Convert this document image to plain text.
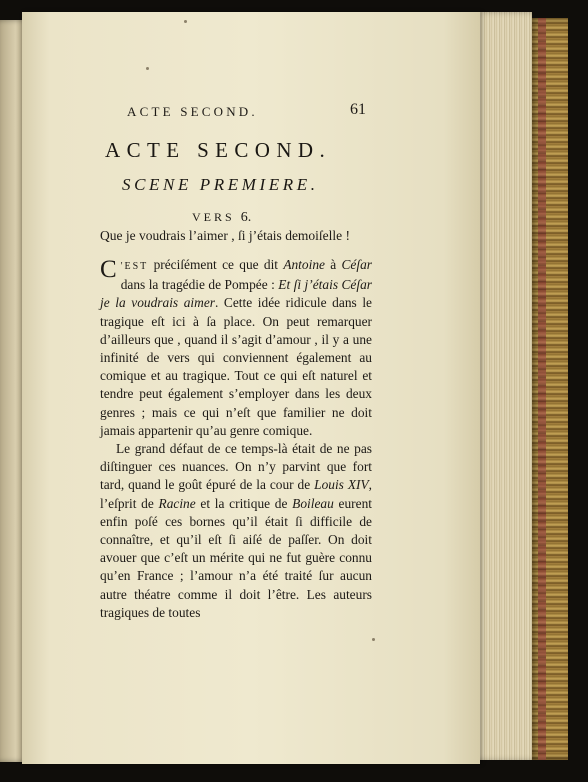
ACTE SECOND.	61
ACTE SECOND.
SCENE PREMIERE.
VERS 6.
Que je voudrais l’aimer , ſi j’étais demoiſelle !

C 'EST préciſément ce que dit Antoine à Céſar dans la tragédie de Pompée : Et ſi j’étais Céſar je la voudrais aimer. Cette idée ridicule dans le tragique eſt ici à ſa place. On peut remarquer d’ailleurs que , quand il s’agit d’amour , il y a une infinité de vers qui conviennent également au comique et au tragique. Tout ce qui eſt naturel et tendre peut également s’employer dans les deux genres ; mais ce qui n’eſt que familier ne doit jamais appartenir qu’au genre comique.

Le grand défaut de ce temps-là était de ne pas diſtinguer ces nuances. On n’y parvint que fort tard, quand le goût épuré de la cour de Louis XIV, l’eſprit de Racine et la critique de Boileau eurent enfin poſé ces bornes qu’il était ſi difficile de connaître, et qu’il eſt ſi aiſé de paſſer. On doit avouer que c’eſt un mérite qui ne fut guère connu qu’en France ; l’amour n’a été traité ſur aucun autre théatre comme il doit l’être. Les auteurs tragiques de toutes
